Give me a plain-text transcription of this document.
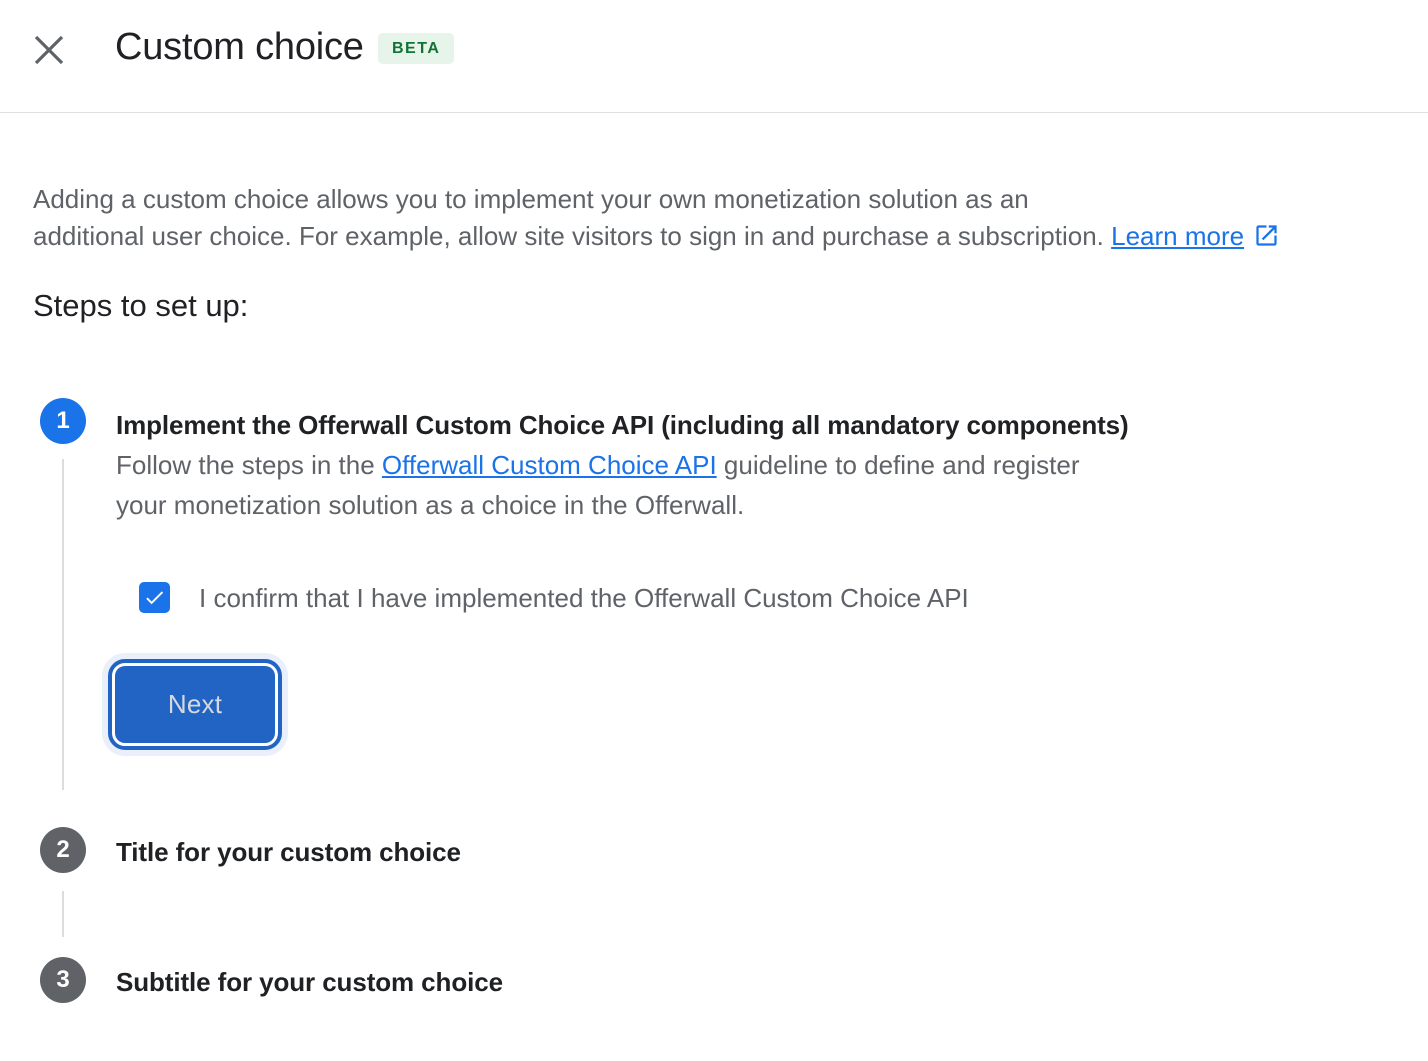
Custom choice	BETA

Adding a custom choice allows you to implement your own monetization solution as an
additional user choice. For example, allow site visitors to sign in and purchase a subscription. Learn more

Steps to set up:
1
2
3
Implement the Offerwall Custom Choice API (including all mandatory components)

Follow the steps in the Offerwall Custom Choice API guideline to define and register
your monetization solution as a choice in the Offerwall.

I confirm that I have implemented the Offerwall Custom Choice API
Next
Title for your custom choice
Subtitle for your custom choice
